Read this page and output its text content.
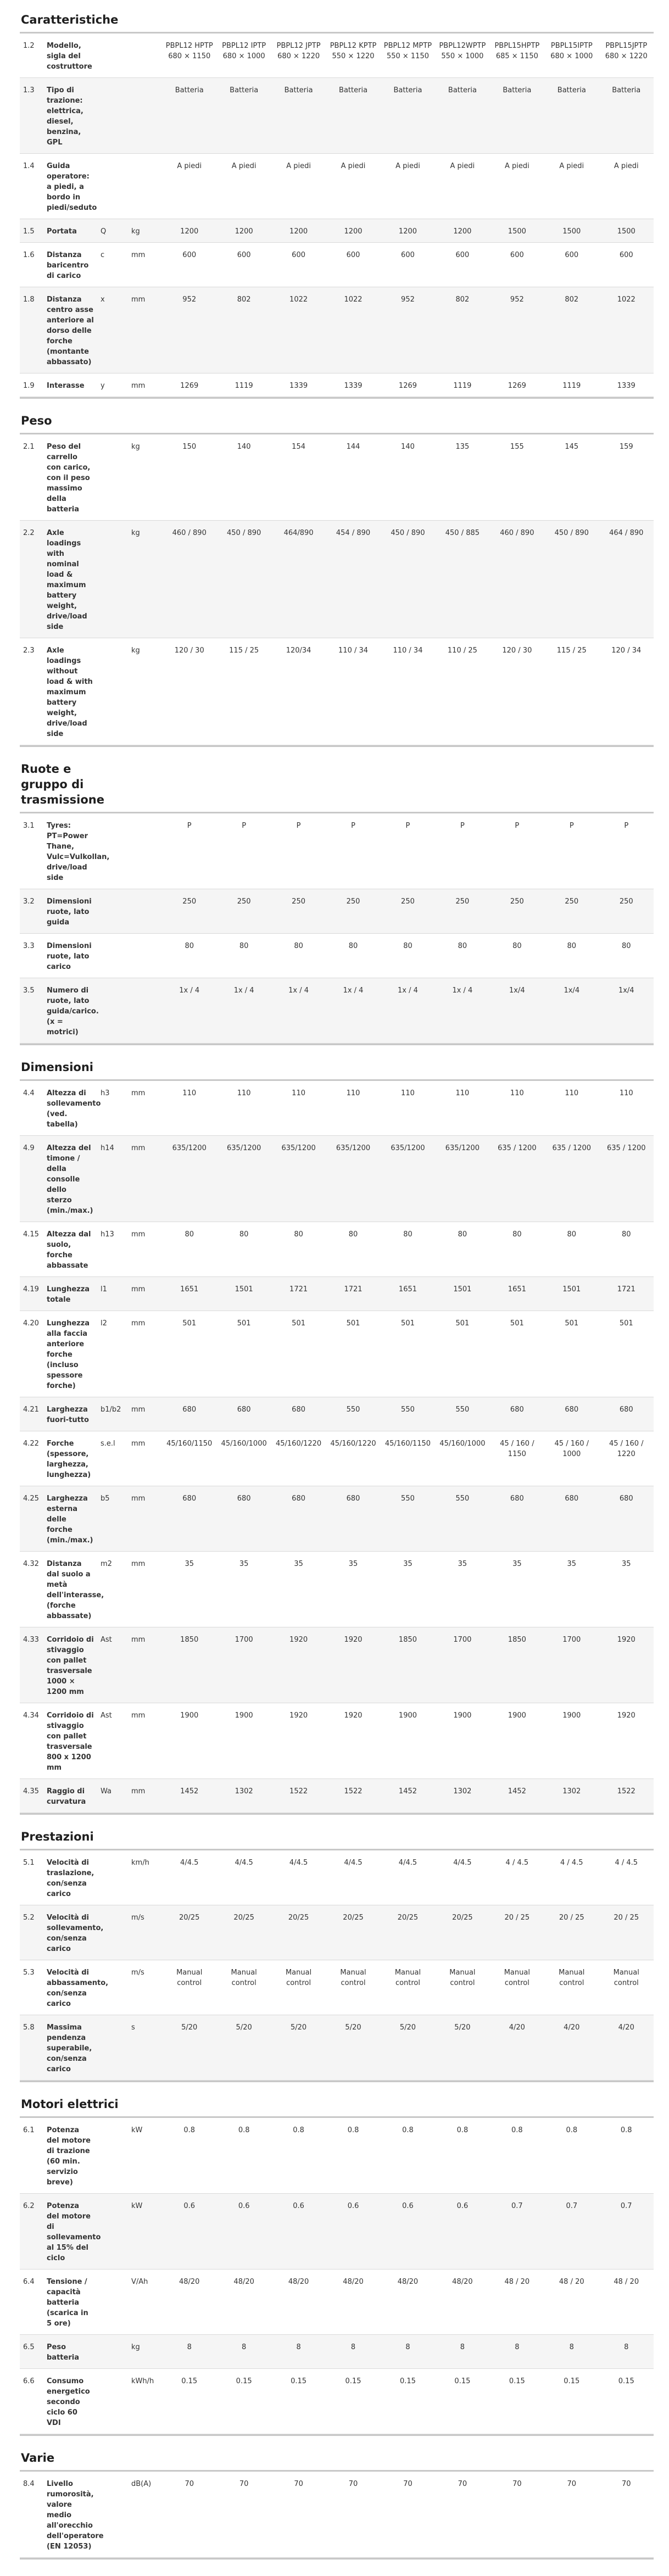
Caratteristiche
1.2	Modello, sigla del costruttore			PBPL12 HPTP 680 × 1150	PBPL12 IPTP 680 × 1000	PBPL12 JPTP 680 × 1220	PBPL12 KPTP 550 × 1220	PBPL12 MPTP 550 × 1150	PBPL12WPTP 550 × 1000	PBPL15HPTP 685 × 1150	PBPL15IPTP 680 × 1000	PBPL15JPTP 680 × 1220
1.3	Tipo di trazione: elettrica, diesel, benzina, GPL			Batteria	Batteria	Batteria	Batteria	Batteria	Batteria	Batteria	Batteria	Batteria
1.4	Guida operatore: a piedi, a bordo in piedi/seduto			A piedi	A piedi	A piedi	A piedi	A piedi	A piedi	A piedi	A piedi	A piedi
1.5	Portata	Q	kg	1200	1200	1200	1200	1200	1200	1500	1500	1500
1.6	Distanza baricentro di carico	c	mm	600	600	600	600	600	600	600	600	600
1.8	Distanza centro asse anteriore al dorso delle forche (montante abbassato)	x	mm	952	802	1022	1022	952	802	952	802	1022
1.9	Interasse	y	mm	1269	1119	1339	1339	1269	1119	1269	1119	1339
Peso
2.1	Peso del carrello con carico, con il peso massimo della batteria		kg	150	140	154	144	140	135	155	145	159
2.2	Axle loadings with nominal load & maximum battery weight, drive/load side		kg	460 / 890	450 / 890	464/890	454 / 890	450 / 890	450 / 885	460 / 890	450 / 890	464 / 890
2.3	Axle loadings without load & with maximum battery weight, drive/load side		kg	120 / 30	115 / 25	120/34	110 / 34	110 / 34	110 / 25	120 / 30	115 / 25	120 / 34
Ruote e gruppo di trasmissione
3.1	Tyres: PT=Power Thane, Vulc=Vulkollan, drive/load side			P	P	P	P	P	P	P	P	P
3.2	Dimensioni ruote, lato guida			250	250	250	250	250	250	250	250	250
3.3	Dimensioni ruote, lato carico			80	80	80	80	80	80	80	80	80
3.5	Numero di ruote, lato guida/carico. (x = motrici)			1x / 4	1x / 4	1x / 4	1x / 4	1x / 4	1x / 4	1x/4	1x/4	1x/4
Dimensioni
4.4	Altezza di sollevamento (ved. tabella)	h3	mm	110	110	110	110	110	110	110	110	110
4.9	Altezza del timone / della consolle dello sterzo (min./max.)	h14	mm	635/1200	635/1200	635/1200	635/1200	635/1200	635/1200	635 / 1200	635 / 1200	635 / 1200
4.15	Altezza dal suolo, forche abbassate	h13	mm	80	80	80	80	80	80	80	80	80
4.19	Lunghezza totale	l1	mm	1651	1501	1721	1721	1651	1501	1651	1501	1721
4.20	Lunghezza alla faccia anteriore forche (incluso spessore forche)	l2	mm	501	501	501	501	501	501	501	501	501
4.21	Larghezza fuori-tutto	b1/b2	mm	680	680	680	550	550	550	680	680	680
4.22	Forche (spessore, larghezza, lunghezza)	s.e.l	mm	45/160/1150	45/160/1000	45/160/1220	45/160/1220	45/160/1150	45/160/1000	45 / 160 / 1150	45 / 160 / 1000	45 / 160 / 1220
4.25	Larghezza esterna delle forche (min./max.)	b5	mm	680	680	680	680	550	550	680	680	680
4.32	Distanza dal suolo a metà dell'interasse, (forche abbassate)	m2	mm	35	35	35	35	35	35	35	35	35
4.33	Corridoio di stivaggio con pallet trasversale 1000 × 1200 mm	Ast	mm	1850	1700	1920	1920	1850	1700	1850	1700	1920
4.34	Corridoio di stivaggio con pallet trasversale 800 x 1200 mm	Ast	mm	1900	1900	1920	1920	1900	1900	1900	1900	1920
4.35	Raggio di curvatura	Wa	mm	1452	1302	1522	1522	1452	1302	1452	1302	1522
Prestazioni
5.1	Velocità di traslazione, con/senza carico		km/h	4/4.5	4/4.5	4/4.5	4/4.5	4/4.5	4/4.5	4 / 4.5	4 / 4.5	4 / 4.5
5.2	Velocità di sollevamento, con/senza carico		m/s	20/25	20/25	20/25	20/25	20/25	20/25	20 / 25	20 / 25	20 / 25
5.3	Velocità di abbassamento, con/senza carico		m/s	Manual control	Manual control	Manual control	Manual control	Manual control	Manual control	Manual control	Manual control	Manual control
5.8	Massima pendenza superabile, con/senza carico		s	5/20	5/20	5/20	5/20	5/20	5/20	4/20	4/20	4/20
Motori elettrici
6.1	Potenza del motore di trazione (60 min. servizio breve)		kW	0.8	0.8	0.8	0.8	0.8	0.8	0.8	0.8	0.8
6.2	Potenza del motore di sollevamento al 15% del ciclo		kW	0.6	0.6	0.6	0.6	0.6	0.6	0.7	0.7	0.7
6.4	Tensione / capacità batteria (scarica in 5 ore)		V/Ah	48/20	48/20	48/20	48/20	48/20	48/20	48 / 20	48 / 20	48 / 20
6.5	Peso batteria		kg	8	8	8	8	8	8	8	8	8
6.6	Consumo energetico secondo ciclo 60 VDI		kWh/h	0.15	0.15	0.15	0.15	0.15	0.15	0.15	0.15	0.15
Varie
8.4	Livello rumorosità, valore medio all'orecchio dell'operatore (EN 12053)		dB(A)	70	70	70	70	70	70	70	70	70
